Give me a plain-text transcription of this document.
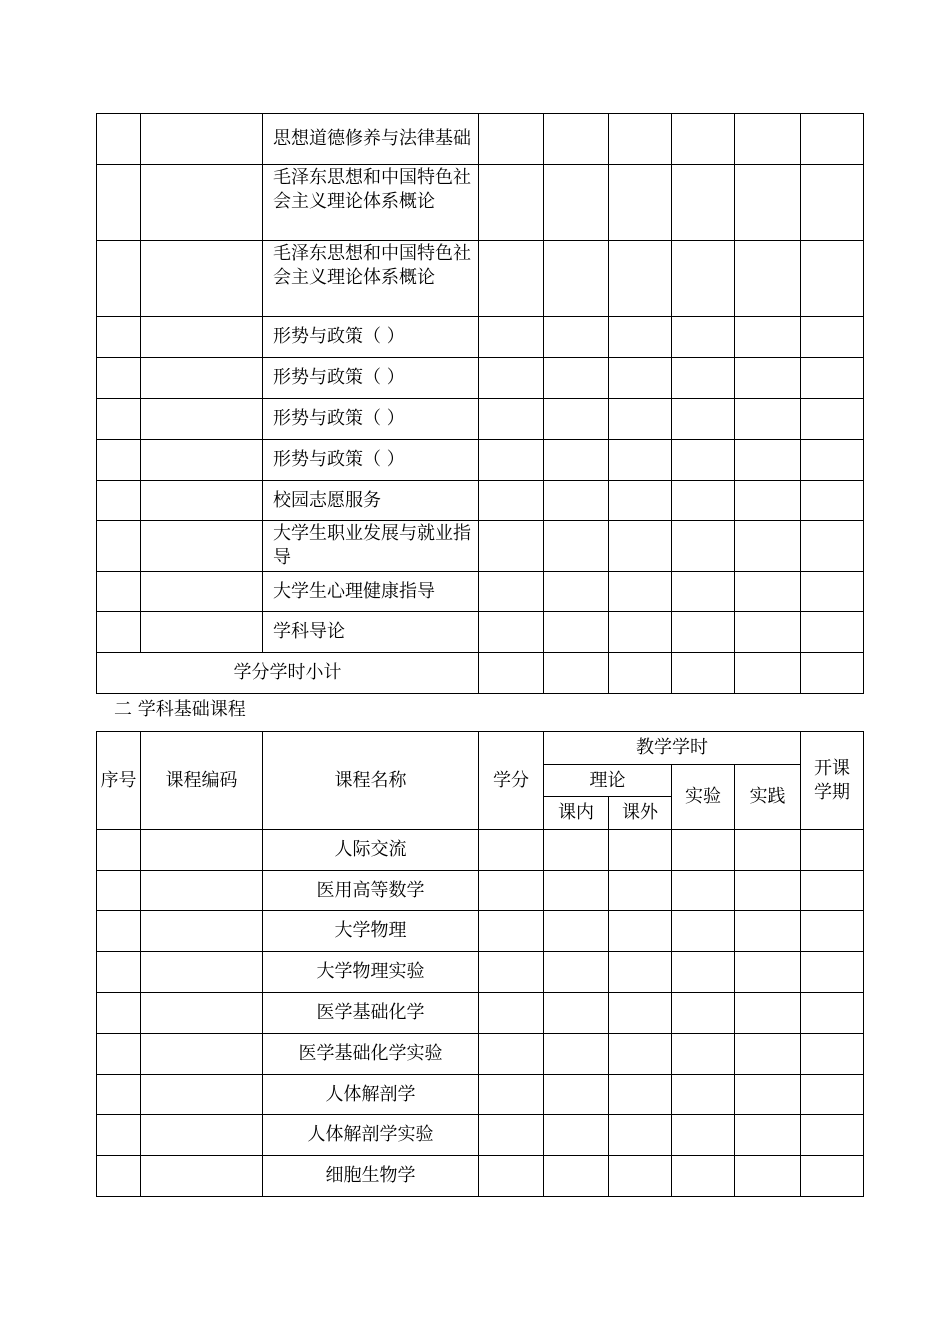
		思想道德修养与法律基础						
		毛泽东思想和中国特色社会主义理论体系概论						
		毛泽东思想和中国特色社会主义理论体系概论						
		形势与政策（ ）						
		形势与政策（ ）						
		形势与政策（ ）						
		形势与政策（ ）						
		校园志愿服务						
		大学生职业发展与就业指导						
		大学生心理健康指导						
		学科导论						
学分学时小计								
二 学科基础课程
序号	课程编码	课程名称	学分	教学学时				开课学期
				理论		实验	实践	
				课内	课外			
		人际交流						
		医用高等数学						
		大学物理						
		大学物理实验						
		医学基础化学						
		医学基础化学实验						
		人体解剖学						
		人体解剖学实验						
		细胞生物学						
